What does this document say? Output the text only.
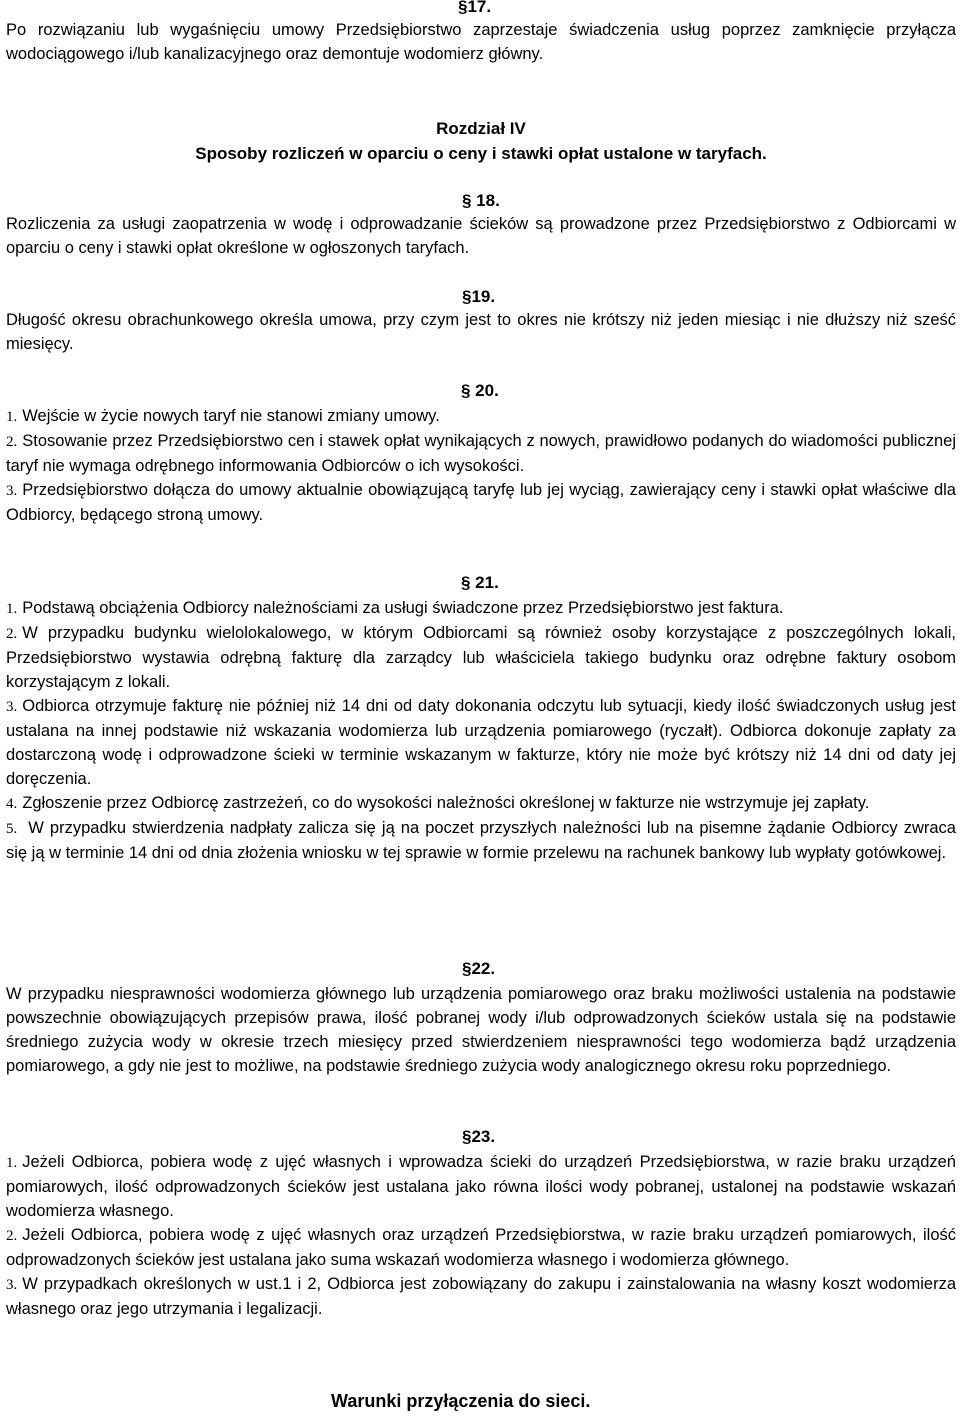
§17.

Po rozwiązaniu lub wygaśnięciu umowy Przedsiębiorstwo zaprzestaje świadczenia usług poprzez zamknięcie przyłącza wodociągowego i/lub kanalizacyjnego oraz demontuje wodomierz główny.

Rozdział IV
Sposoby rozliczeń w oparciu o ceny i stawki opłat ustalone w taryfach.
§ 18.

Rozliczenia za usługi zaopatrzenia w wodę i odprowadzanie ścieków są prowadzone przez Przedsiębiorstwo z Odbiorcami w oparciu o ceny i stawki opłat określone w ogłoszonych taryfach.

§19.

Długość okresu obrachunkowego określa umowa, przy czym jest to okres nie krótszy niż jeden miesiąc i nie dłuższy niż sześć miesięcy.

§ 20.

1. Wejście w życie nowych taryf nie stanowi zmiany umowy.

2. Stosowanie przez Przedsiębiorstwo cen i stawek opłat wynikających z nowych, prawidłowo podanych do wiadomości publicznej taryf nie wymaga odrębnego informowania Odbiorców o ich wysokości.

3. Przedsiębiorstwo dołącza do umowy aktualnie obowiązującą taryfę lub jej wyciąg, zawierający ceny i stawki opłat właściwe dla Odbiorcy, będącego stroną umowy.

§ 21.

1. Podstawą obciążenia Odbiorcy należnościami za usługi świadczone przez Przedsiębiorstwo jest faktura.

2. W przypadku budynku wielolokalowego, w którym Odbiorcami są również osoby korzystające z poszczególnych lokali, Przedsiębiorstwo wystawia odrębną fakturę dla zarządcy lub właściciela takiego budynku oraz odrębne faktury osobom korzystającym z lokali.

3. Odbiorca otrzymuje fakturę nie później niż 14 dni od daty dokonania odczytu lub sytuacji, kiedy ilość świadczonych usług jest ustalana na innej podstawie niż wskazania wodomierza lub urządzenia pomiarowego (ryczałt). Odbiorca dokonuje zapłaty za dostarczoną wodę i odprowadzone ścieki w terminie wskazanym w fakturze, który nie może być krótszy niż 14 dni od daty jej doręczenia.

4. Zgłoszenie przez Odbiorcę zastrzeżeń, co do wysokości należności określonej w fakturze nie wstrzymuje jej zapłaty.

5. W przypadku stwierdzenia nadpłaty zalicza się ją na poczet przyszłych należności lub na pisemne żądanie Odbiorcy zwraca się ją w terminie 14 dni od dnia złożenia wniosku w tej sprawie w formie przelewu na rachunek bankowy lub wypłaty gotówkowej.

§22.

W przypadku niesprawności wodomierza głównego lub urządzenia pomiarowego oraz braku możliwości ustalenia na podstawie powszechnie obowiązujących przepisów prawa, ilość pobranej wody i/lub odprowadzonych ścieków ustala się na podstawie średniego zużycia wody w okresie trzech miesięcy przed stwierdzeniem niesprawności tego wodomierza bądź urządzenia pomiarowego, a gdy nie jest to możliwe, na podstawie średniego zużycia wody analogicznego okresu roku poprzedniego.

§23.

1. Jeżeli Odbiorca, pobiera wodę z ujęć własnych i wprowadza ścieki do urządzeń Przedsiębiorstwa, w razie braku urządzeń pomiarowych, ilość odprowadzonych ścieków jest ustalana jako równa ilości wody pobranej, ustalonej na podstawie wskazań wodomierza własnego.

2. Jeżeli Odbiorca, pobiera wodę z ujęć własnych oraz urządzeń Przedsiębiorstwa, w razie braku urządzeń pomiarowych, ilość odprowadzonych ścieków jest ustalana jako suma wskazań wodomierza własnego i wodomierza głównego.

3. W przypadkach określonych w ust.1 i 2, Odbiorca jest zobowiązany do zakupu i zainstalowania na własny koszt wodomierza własnego oraz jego utrzymania i legalizacji.

Warunki przyłączenia do sieci.
